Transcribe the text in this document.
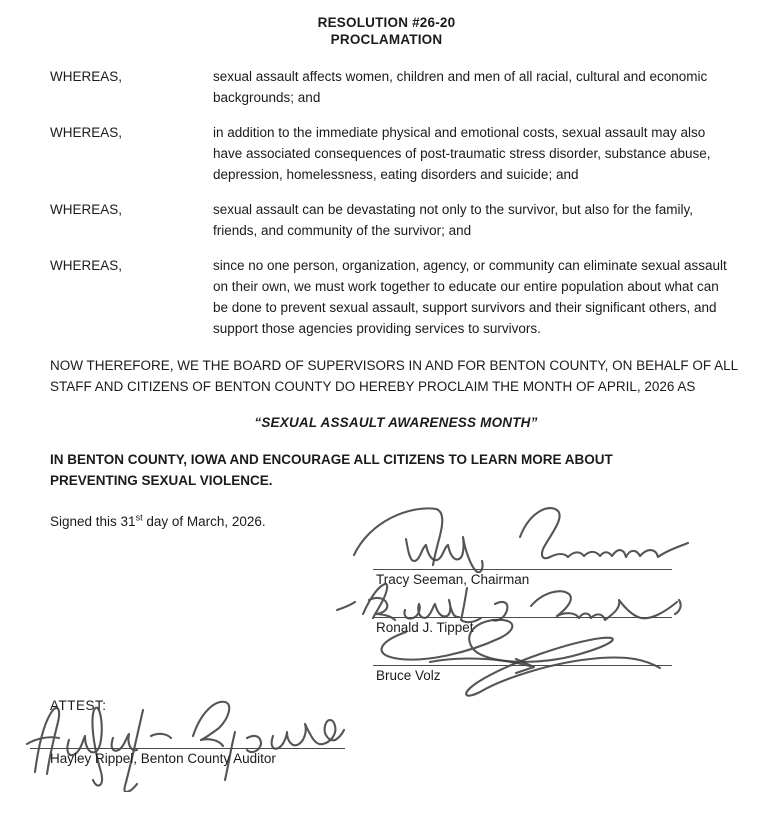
RESOLUTION #26-20
PROCLAMATION
WHEREAS,	sexual assault affects women, children and men of all racial, cultural and economic backgrounds; and
WHEREAS,	in addition to the immediate physical and emotional costs, sexual assault may also have associated consequences of post-traumatic stress disorder, substance abuse, depression, homelessness, eating disorders and suicide; and
WHEREAS,	sexual assault can be devastating not only to the survivor, but also for the family, friends, and community of the survivor; and
WHEREAS,	since no one person, organization, agency, or community can eliminate sexual assault on their own, we must work together to educate our entire population about what can be done to prevent sexual assault, support survivors and their significant others, and support those agencies providing services to survivors.
NOW THEREFORE, WE THE BOARD OF SUPERVISORS IN AND FOR BENTON COUNTY, ON BEHALF OF ALL STAFF AND CITIZENS OF BENTON COUNTY DO HEREBY PROCLAIM THE MONTH OF APRIL, 2026 AS
“SEXUAL ASSAULT AWARENESS MONTH”
IN BENTON COUNTY, IOWA AND ENCOURAGE ALL CITIZENS TO LEARN MORE ABOUT PREVENTING SEXUAL VIOLENCE.
Signed this 31st day of March, 2026.
Tracy Seeman, Chairman
Ronald J. Tippet
Bruce Volz
ATTEST:
Hayley Rippel, Benton County Auditor
